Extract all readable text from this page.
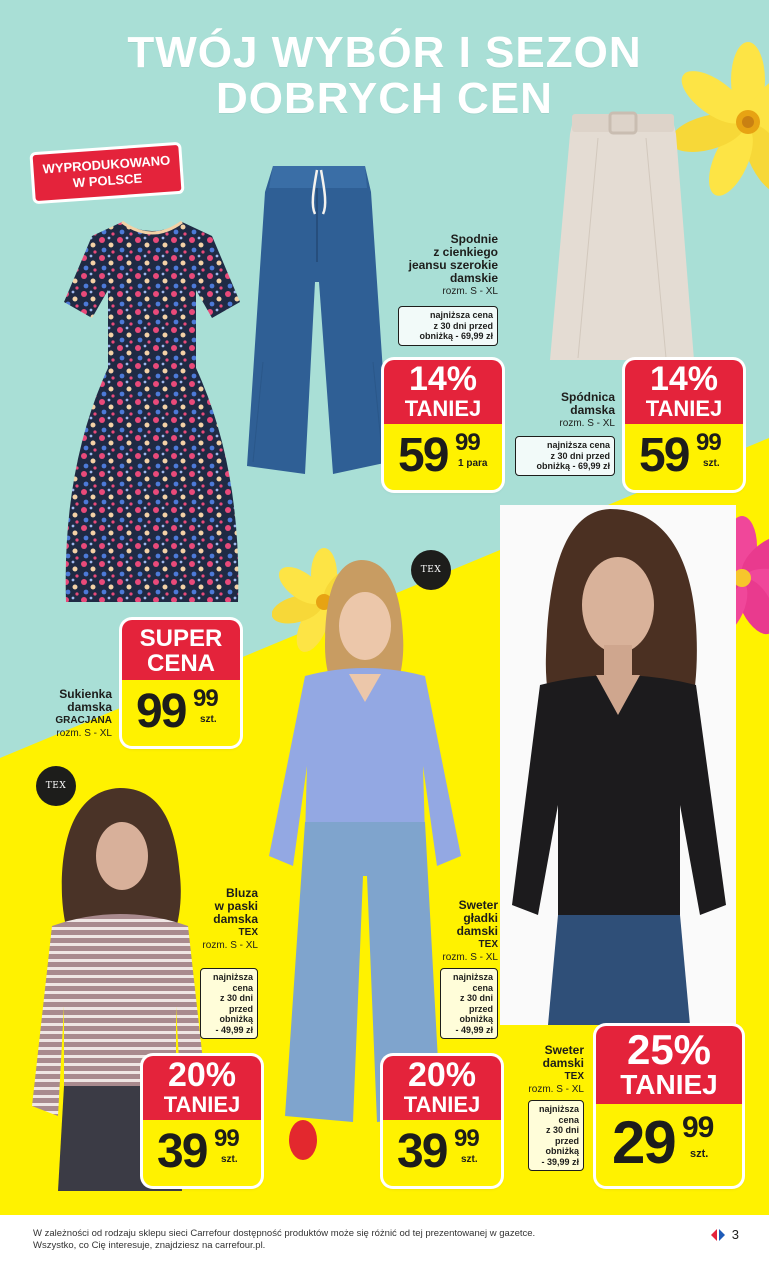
TWÓJ WYBÓR I SEZON
DOBRYCH CEN
WYPRODUKOWANO
W POLSCE
Spodnie
z cienkiego
jeansu szerokie
damskie
rozm. S - XL
najniższa cena
z 30 dni przed
obniżką - 69,99 zł
14%
TANIEJ
59 99
1 para
Spódnica
damska
rozm. S - XL
najniższa cena
z 30 dni przed
obniżką - 69,99 zł
14%
TANIEJ
59 99
szt.
Sukienka
damska
GRACJANA
rozm. S - XL
SUPER
CENA
99 99
szt.
TEX
TEX
Bluza
w paski
damska
TEX
rozm. S - XL
najniższa
cena
z 30 dni
przed
obniżką
- 49,99 zł
20%
TANIEJ
39 99
szt.
Sweter
gładki
damski
TEX
rozm. S - XL
najniższa
cena
z 30 dni
przed
obniżką
- 49,99 zł
20%
TANIEJ
39 99
szt.
Sweter
damski
TEX
rozm. S - XL
najniższa
cena
z 30 dni
przed
obniżką
- 39,99 zł
25%
TANIEJ
29 99
szt.
W zależności od rodzaju sklepu sieci Carrefour dostępność produktów może się różnić od tej prezentowanej w gazetce.
Wszystko, co Cię interesuje, znajdziesz na carrefour.pl.
3
